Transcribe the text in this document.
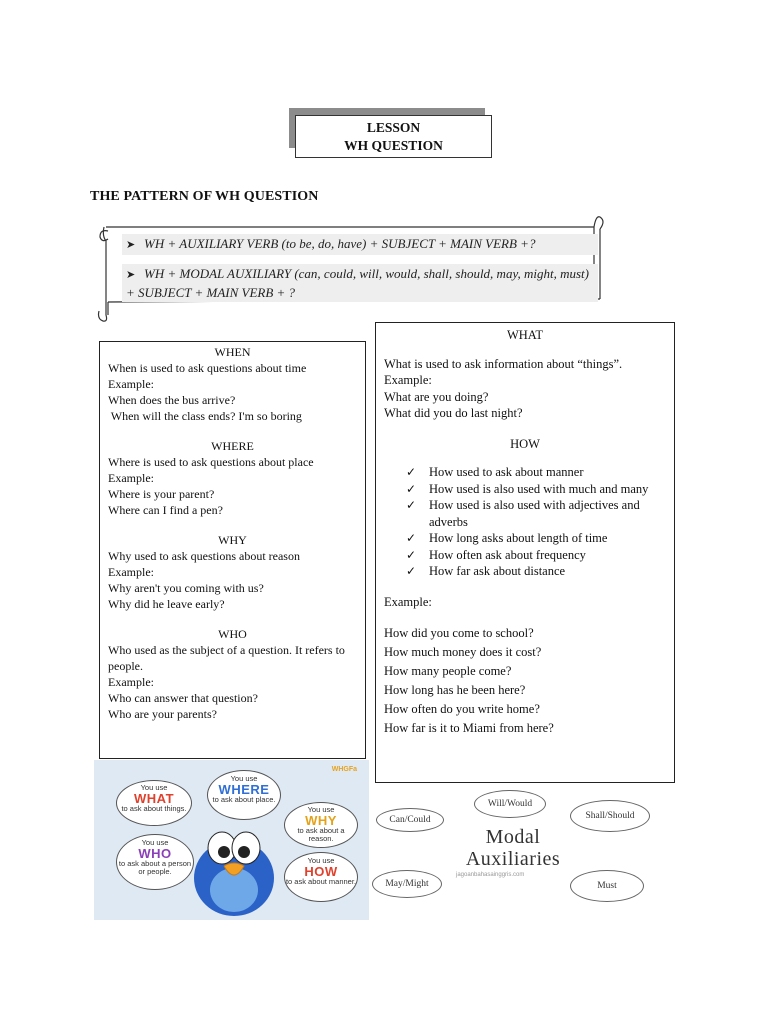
LESSON
WH QUESTION
THE PATTERN OF WH QUESTION
➤ WH + AUXILIARY VERB (to be, do, have) + SUBJECT + MAIN VERB +?
➤ WH + MODAL AUXILIARY (can, could, will, would, shall, should, may, might, must) + SUBJECT + MAIN VERB + ?

WHEN

When is used to ask questions about time

Example:

When does the bus arrive?

When will the class ends? I'm so boring

WHERE

Where is used to ask questions about place

Example:

Where is your parent?

Where can I find a pen?

WHY

Why used to ask questions about reason

Example:

Why aren't you coming with us?

Why did he leave early?

WHO

Who used as the subject of a question. It refers to people.

Example:

Who can answer that question?

Who are your parents?

WHAT

What is used to ask information about “things”.

Example:

What are you doing?

What did you do last night?

HOW

✓ How used to ask about manner
✓ How used is also used with much and many
✓ How used is also used with adjectives and adverbs
✓ How long asks about length of time
✓ How often ask about frequency
✓ How far ask about distance

Example:

How did you come to school?

How much money does it cost?

How many people come?

How long has he been here?

How often do you write home?

How far is it to Miami from here?

WHGFa
You use
WHAT
to ask about things.
You use
WHERE
to ask about place.
You use
WHY
to ask about a reason.
You use
WHO
to ask about a person or people.
You use
HOW
to ask about manner.
Can/Could
Will/Would
Shall/Should
May/Might	Must
Modal
Auxiliaries
jagoanbahasainggris.com
